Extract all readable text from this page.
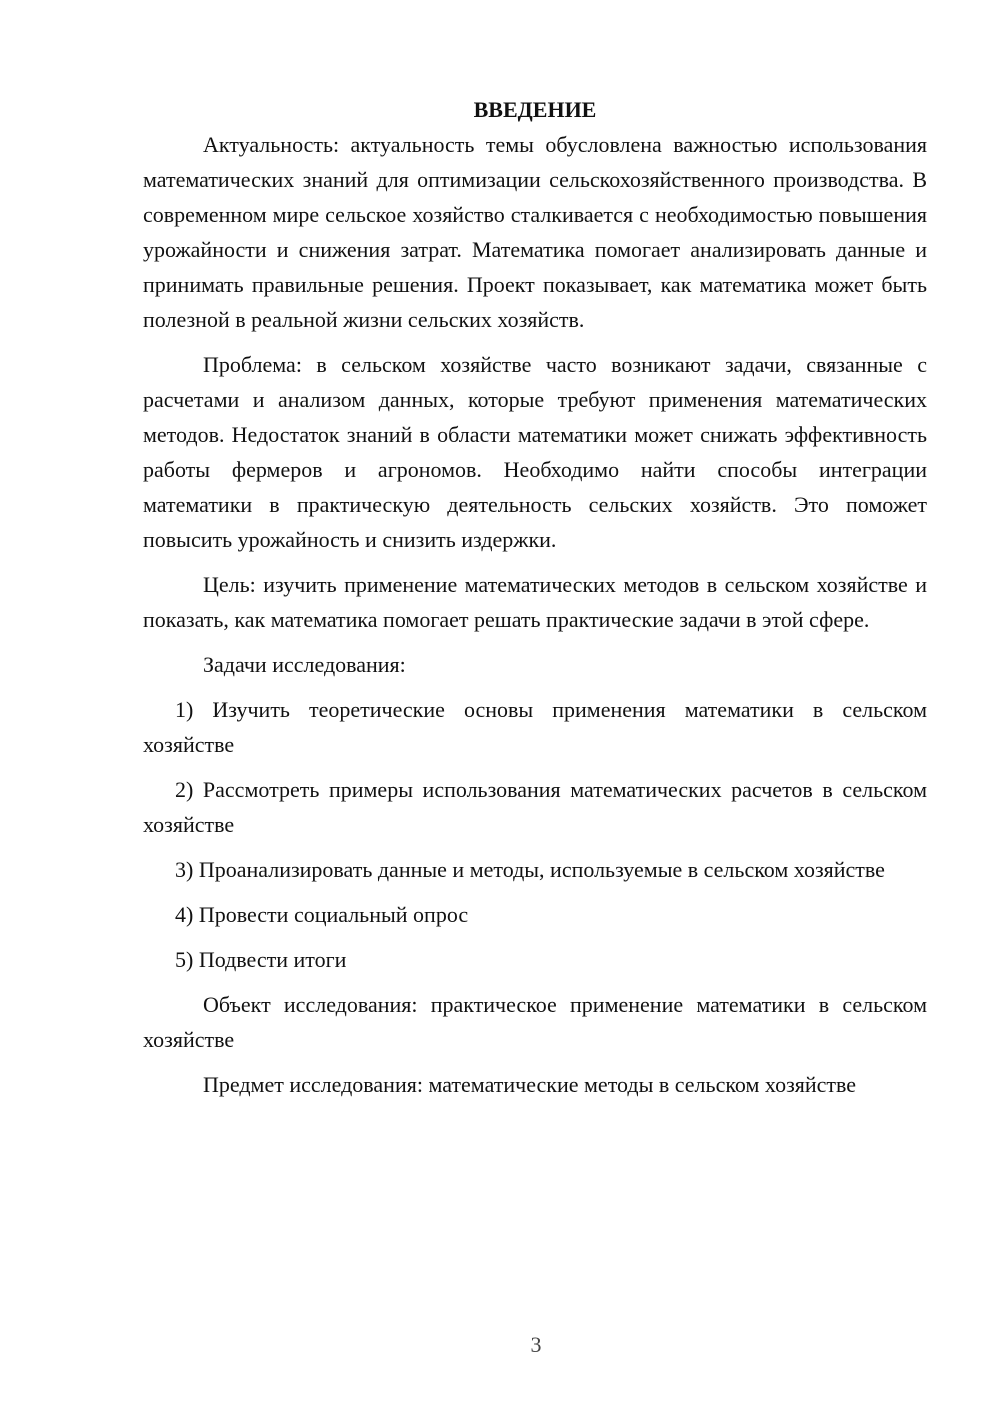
ВВЕДЕНИЕ

Актуальность: актуальность темы обусловлена важностью использования математических знаний для оптимизации сельскохозяйственного производства. В современном мире сельское хозяйство сталкивается с необходимостью повышения урожайности и снижения затрат. Математика помогает анализировать данные и принимать правильные решения. Проект показывает, как математика может быть полезной в реальной жизни сельских хозяйств.

Проблема: в сельском хозяйстве часто возникают задачи, связанные с расчетами и анализом данных, которые требуют применения математических методов. Недостаток знаний в области математики может снижать эффективность работы фермеров и агрономов. Необходимо найти способы интеграции математики в практическую деятельность сельских хозяйств. Это поможет повысить урожайность и снизить издержки.

Цель: изучить применение математических методов в сельском хозяйстве и показать, как математика помогает решать практические задачи в этой сфере.

Задачи исследования:

1) Изучить теоретические основы применения математики в сельском хозяйстве

2) Рассмотреть примеры использования математических расчетов в сельском хозяйстве

3) Проанализировать данные и методы, используемые в сельском хозяйстве

4) Провести социальный опрос

5) Подвести итоги

Объект исследования: практическое применение математики в сельском хозяйстве

Предмет исследования: математические методы в сельском хозяйстве

3
